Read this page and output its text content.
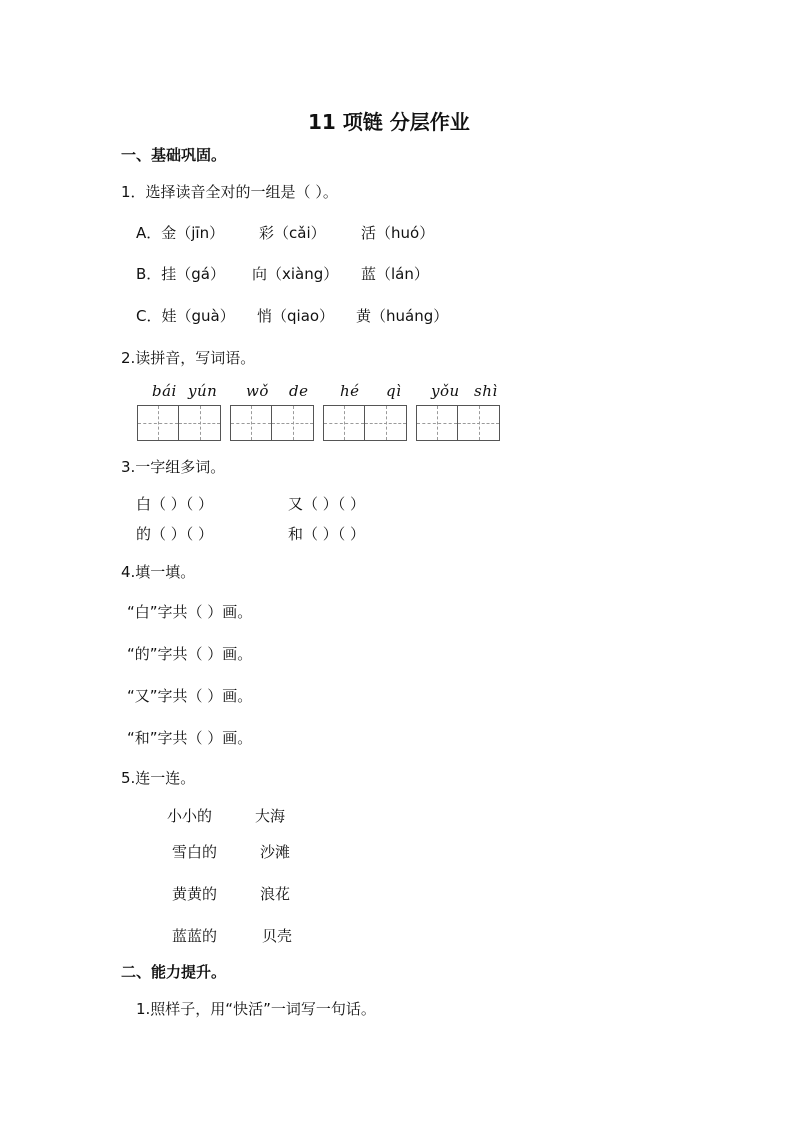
11 项链 分层作业
一、基础巩固。
1．选择读音全对的一组是（ ）。
A．金（jīn） 彩（cǎi） 活（huó）
B．挂（gá） 向（xiàng） 蓝（lán）
C．娃（guà） 悄（qiao） 黄（huáng）
2.读拼音，写词语。
bái yún wǒ de hé qì yǒu shì
3.一字组多词。
白（ ）（ ）	又（ ）（ ）
的（ ）（ ）	和（ ）（ ）
4.填一填。
“白”字共（ ）画。
“的”字共（ ）画。
“又”字共（ ）画。
“和”字共（ ）画。
5.连一连。
小小的	大海
雪白的	沙滩
黄黄的	浪花
蓝蓝的	贝壳
二、能力提升。
1.照样子，用“快活”一词写一句话。
